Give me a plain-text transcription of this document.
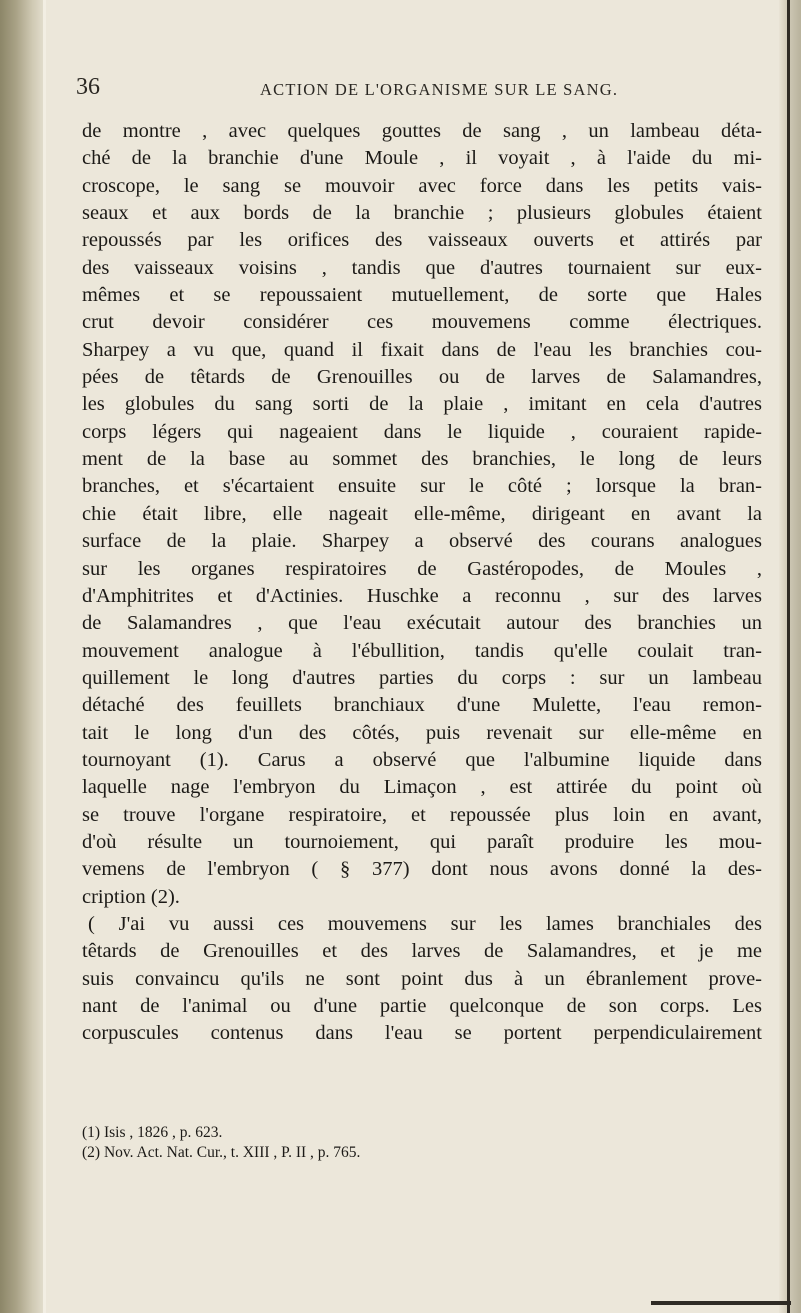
36	ACTION DE L'ORGANISME SUR LE SANG.
de montre , avec quelques gouttes de sang , un lambeau déta-
ché de la branchie d'une Moule , il voyait , à l'aide du mi-
croscope, le sang se mouvoir avec force dans les petits vais-
seaux et aux bords de la branchie ; plusieurs globules étaient
repoussés par les orifices des vaisseaux ouverts et attirés par
des vaisseaux voisins , tandis que d'autres tournaient sur eux-
mêmes et se repoussaient mutuellement, de sorte que Hales
crut devoir considérer ces mouvemens comme électriques.
Sharpey a vu que, quand il fixait dans de l'eau les branchies cou-
pées de têtards de Grenouilles ou de larves de Salamandres,
les globules du sang sorti de la plaie , imitant en cela d'autres
corps légers qui nageaient dans le liquide , couraient rapide-
ment de la base au sommet des branchies, le long de leurs
branches, et s'écartaient ensuite sur le côté ; lorsque la bran-
chie était libre, elle nageait elle-même, dirigeant en avant la
surface de la plaie. Sharpey a observé des courans analogues
sur les organes respiratoires de Gastéropodes, de Moules ,
d'Amphitrites et d'Actinies. Huschke a reconnu , sur des larves
de Salamandres , que l'eau exécutait autour des branchies un
mouvement analogue à l'ébullition, tandis qu'elle coulait tran-
quillement le long d'autres parties du corps : sur un lambeau
détaché des feuillets branchiaux d'une Mulette, l'eau remon-
tait le long d'un des côtés, puis revenait sur elle-même en
tournoyant (1). Carus a observé que l'albumine liquide dans
laquelle nage l'embryon du Limaçon , est attirée du point où
se trouve l'organe respiratoire, et repoussée plus loin en avant,
d'où résulte un tournoiement, qui paraît produire les mou-
vemens de l'embryon ( § 377) dont nous avons donné la des-
cription (2).
( J'ai vu aussi ces mouvemens sur les lames branchiales des
têtards de Grenouilles et des larves de Salamandres, et je me
suis convaincu qu'ils ne sont point dus à un ébranlement prove-
nant de l'animal ou d'une partie quelconque de son corps. Les
corpuscules contenus dans l'eau se portent perpendiculairement
(1) Isis , 1826 , p. 623.
(2) Nov. Act. Nat. Cur., t. XIII , P. II , p. 765.
